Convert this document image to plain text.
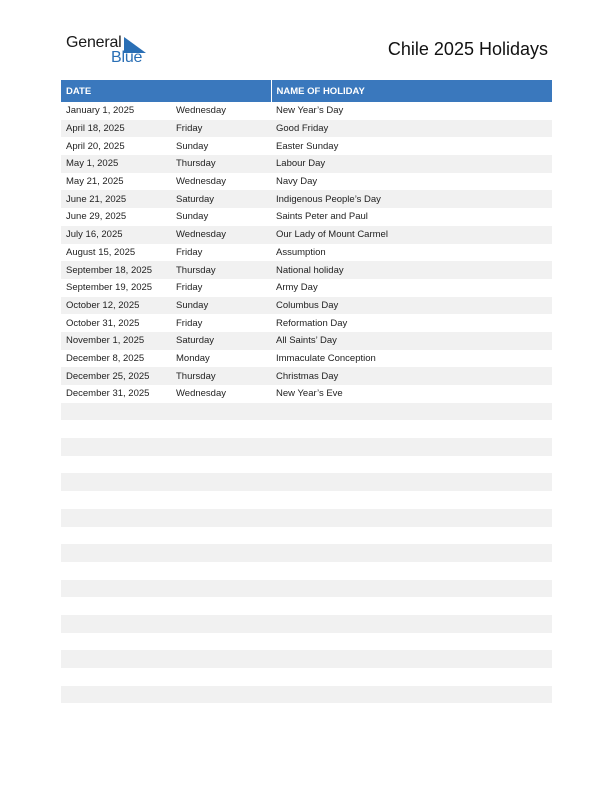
General
Blue	Chile 2025 Holidays
DATE		NAME OF HOLIDAY
January 1, 2025	Wednesday	New Year’s Day
April 18, 2025	Friday	Good Friday
April 20, 2025	Sunday	Easter Sunday
May 1, 2025	Thursday	Labour Day
May 21, 2025	Wednesday	Navy Day
June 21, 2025	Saturday	Indigenous People’s Day
June 29, 2025	Sunday	Saints Peter and Paul
July 16, 2025	Wednesday	Our Lady of Mount Carmel
August 15, 2025	Friday	Assumption
September 18, 2025	Thursday	National holiday
September 19, 2025	Friday	Army Day
October 12, 2025	Sunday	Columbus Day
October 31, 2025	Friday	Reformation Day
November 1, 2025	Saturday	All Saints’ Day
December 8, 2025	Monday	Immaculate Conception
December 25, 2025	Thursday	Christmas Day
December 31, 2025	Wednesday	New Year’s Eve
